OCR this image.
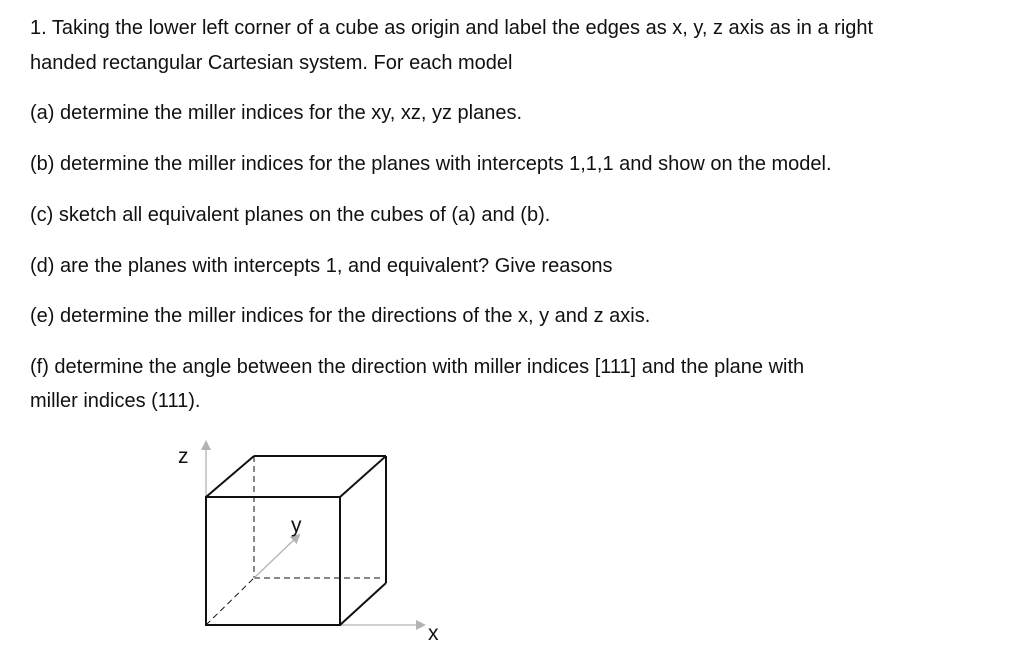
1. Taking the lower left corner of a cube as origin and label the edges as x, y, z axis as in a right
handed rectangular Cartesian system. For each model
(a) determine the miller indices for the xy, xz, yz planes.
(b) determine the miller indices for the planes with intercepts 1,1,1 and show on the model.
(c) sketch all equivalent planes on the cubes of (a) and (b).
(d) are the planes with intercepts 1, and equivalent? Give reasons
(e) determine the miller indices for the directions of the x, y and z axis.
(f) determine the angle between the direction with miller indices [111] and the plane with
miller indices (111).
z
y
x
